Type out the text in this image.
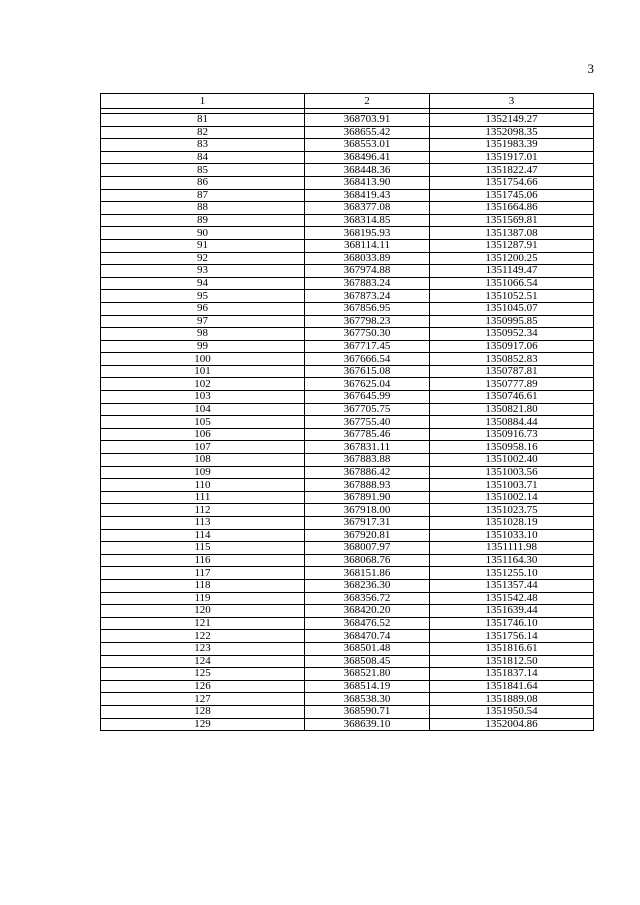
3
1	2	3

81	368703.91	1352149.27
82	368655.42	1352098.35
83	368553.01	1351983.39
84	368496.41	1351917.01
85	368448.36	1351822.47
86	368413.90	1351754.66
87	368419.43	1351745.06
88	368377.08	1351664.86
89	368314.85	1351569.81
90	368195.93	1351387.08
91	368114.11	1351287.91
92	368033.89	1351200.25
93	367974.88	1351149.47
94	367883.24	1351066.54
95	367873.24	1351052.51
96	367856.95	1351045.07
97	367798.23	1350995.85
98	367750.30	1350952.34
99	367717.45	1350917.06
100	367666.54	1350852.83
101	367615.08	1350787.81
102	367625.04	1350777.89
103	367645.99	1350746.61
104	367705.75	1350821.80
105	367755.40	1350884.44
106	367785.46	1350916.73
107	367831.11	1350958.16
108	367883.88	1351002.40
109	367886.42	1351003.56
110	367888.93	1351003.71
111	367891.90	1351002.14
112	367918.00	1351023.75
113	367917.31	1351028.19
114	367920.81	1351033.10
115	368007.97	1351111.98
116	368068.76	1351164.30
117	368151.86	1351255.10
118	368236.30	1351357.44
119	368356.72	1351542.48
120	368420.20	1351639.44
121	368476.52	1351746.10
122	368470.74	1351756.14
123	368501.48	1351816.61
124	368508.45	1351812.50
125	368521.80	1351837.14
126	368514.19	1351841.64
127	368538.30	1351889.08
128	368590.71	1351950.54
129	368639.10	1352004.86
